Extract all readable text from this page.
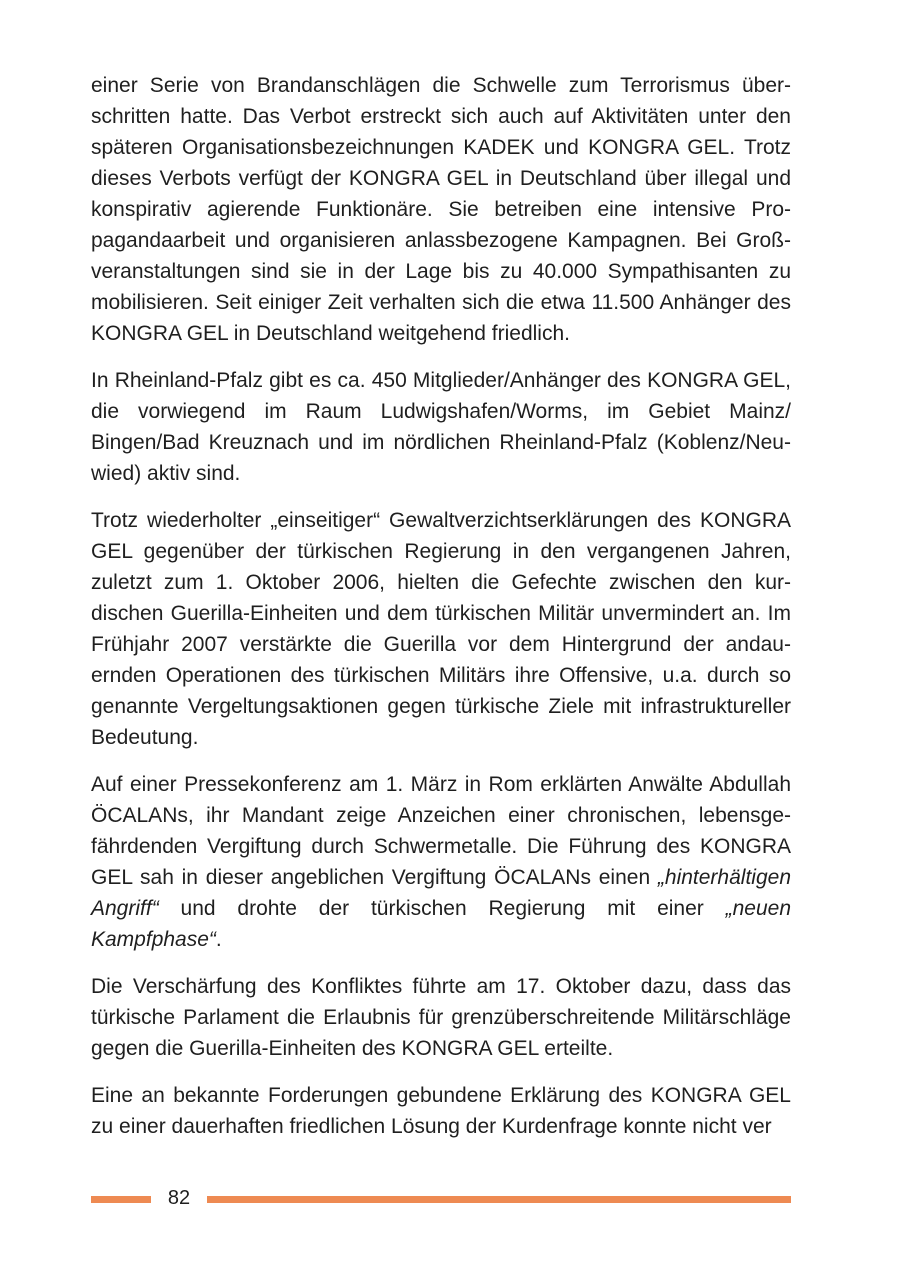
einer Serie von Brandanschlägen die Schwelle zum Terrorismus überschritten hatte. Das Verbot erstreckt sich auch auf Aktivitäten unter den späteren Organisationsbezeichnungen KADEK und KONGRA GEL. Trotz dieses Verbots verfügt der KONGRA GEL in Deutschland über illegal und konspirativ agierende Funktionäre. Sie betreiben eine intensive Propagandaarbeit und organisieren anlassbezogene Kampagnen. Bei Großveranstaltungen sind sie in der Lage bis zu 40.000 Sympathisanten zu mobilisieren. Seit einiger Zeit verhalten sich die etwa 11.500 Anhänger des KONGRA GEL in Deutschland weitgehend friedlich.

In Rheinland-Pfalz gibt es ca. 450 Mitglieder/Anhänger des KONGRA GEL, die vorwiegend im Raum Ludwigshafen/Worms, im Gebiet Mainz/ Bingen/Bad Kreuznach und im nördlichen Rheinland-Pfalz (Koblenz/Neuwied) aktiv sind.

Trotz wiederholter „einseitiger“ Gewaltverzichtserklärungen des KONGRA GEL gegenüber der türkischen Regierung in den vergangenen Jahren, zuletzt zum 1. Oktober 2006, hielten die Gefechte zwischen den kurdischen Guerilla-Einheiten und dem türkischen Militär unvermindert an. Im Frühjahr 2007 verstärkte die Guerilla vor dem Hintergrund der andauernden Operationen des türkischen Militärs ihre Offensive, u.a. durch so genannte Vergeltungsaktionen gegen türkische Ziele mit infrastruktureller Bedeutung.

Auf einer Pressekonferenz am 1. März in Rom erklärten Anwälte Abdullah ÖCALANs, ihr Mandant zeige Anzeichen einer chronischen, lebensgefährdenden Vergiftung durch Schwermetalle. Die Führung des KONGRA GEL sah in dieser angeblichen Vergiftung ÖCALANs einen „hinterhältigen Angriff“ und drohte der türkischen Regierung mit einer „neuen Kampfphase“.

Die Verschärfung des Konfliktes führte am 17. Oktober dazu, dass das türkische Parlament die Erlaubnis für grenzüberschreitende Militärschläge gegen die Guerilla-Einheiten des KONGRA GEL erteilte.

Eine an bekannte Forderungen gebundene Erklärung des KONGRA GEL zu einer dauerhaften friedlichen Lösung der Kurdenfrage konnte nicht ver

82
